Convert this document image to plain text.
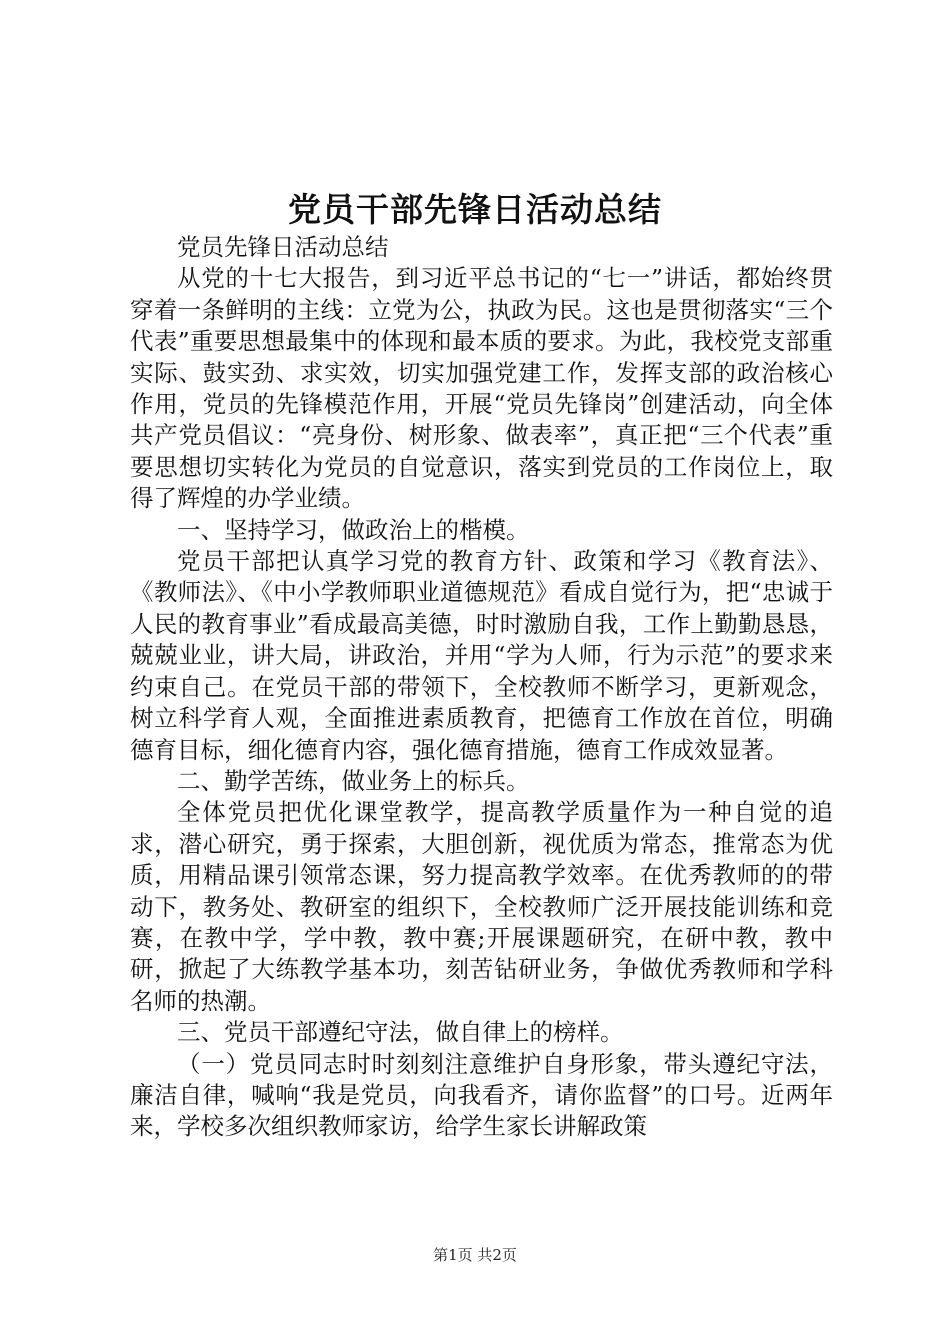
党员干部先锋日活动总结

党员先锋日活动总结

从党的十七大报告，到习近平总书记的“七一”讲话，都始终贯穿着一条鲜明的主线：立党为公，执政为民。这也是贯彻落实“三个代表”重要思想最集中的体现和最本质的要求。为此，我校党支部重实际、鼓实劲、求实效，切实加强党建工作，发挥支部的政治核心作用，党员的先锋模范作用，开展“党员先锋岗”创建活动，向全体共产党员倡议：“亮身份、树形象、做表率”，真正把“三个代表”重要思想切实转化为党员的自觉意识，落实到党员的工作岗位上，取得了辉煌的办学业绩。

一、坚持学习，做政治上的楷模。

党员干部把认真学习党的教育方针、政策和学习《教育法》、《教师法》、《中小学教师职业道德规范》看成自觉行为，把“忠诚于人民的教育事业”看成最高美德，时时激励自我，工作上勤勤恳恳，兢兢业业，讲大局，讲政治，并用“学为人师，行为示范”的要求来约束自己。在党员干部的带领下，全校教师不断学习，更新观念，树立科学育人观，全面推进素质教育，把德育工作放在首位，明确德育目标，细化德育内容，强化德育措施，德育工作成效显著。

二、勤学苦练，做业务上的标兵。

全体党员把优化课堂教学，提高教学质量作为一种自觉的追求，潜心研究，勇于探索，大胆创新，视优质为常态，推常态为优质，用精品课引领常态课，努力提高教学效率。在优秀教师的的带动下，教务处、教研室的组织下，全校教师广泛开展技能训练和竞赛，在教中学，学中教，教中赛;开展课题研究，在研中教，教中研，掀起了大练教学基本功，刻苦钻研业务，争做优秀教师和学科名师的热潮。

三、党员干部遵纪守法，做自律上的榜样。

（一）党员同志时时刻刻注意维护自身形象，带头遵纪守法，廉洁自律，喊响“我是党员，向我看齐，请你监督”的口号。近两年来，学校多次组织教师家访，给学生家长讲解政策

第1页 共2页
